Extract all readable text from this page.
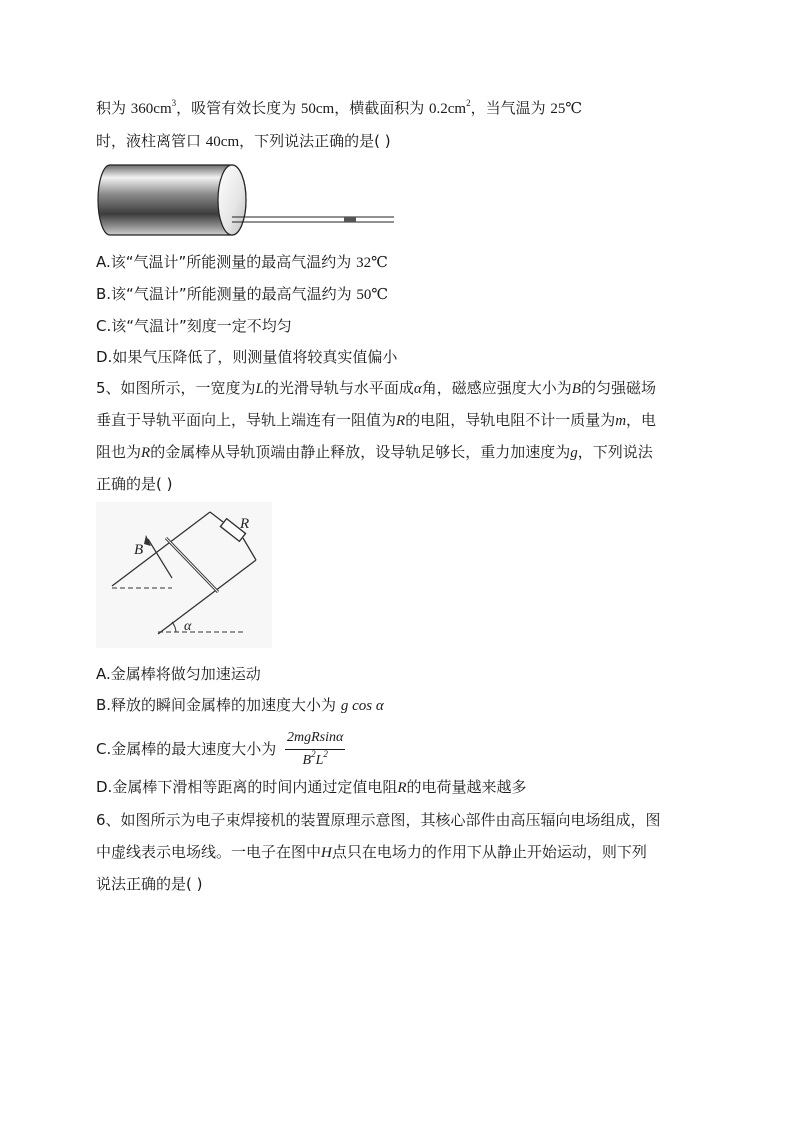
积为 $360cm^3$，吸管有效长度为 50cm，横截面积为 $0.2cm^2$，当气温为 25℃
时，液柱离管口 40cm，下列说法正确的是( )
A.该“气温计”所能测量的最高气温约为 32℃
B.该“气温计”所能测量的最高气温约为 50℃
C.该“气温计”刻度一定不均匀
D.如果气压降低了，则测量值将较真实值偏小
5、如图所示，一宽度为L的光滑导轨与水平面成α角，磁感应强度大小为B的匀强磁场
垂直于导轨平面向上，导轨上端连有一阻值为R的电阻，导轨电阻不计一质量为m，电
阻也为R的金属棒从导轨顶端由静止释放，设导轨足够长，重力加速度为g，下列说法
正确的是( )
R
B
α
A.金属棒将做匀加速运动
B.释放的瞬间金属棒的加速度大小为 g cos α
C.金属棒的最大速度大小为 $\frac{\text{2mgRsinα}}{B^2L^2}$
D.金属棒下滑相等距离的时间内通过定值电阻R的电荷量越来越多
6、如图所示为电子束焊接机的装置原理示意图，其核心部件由高压辐向电场组成，图
中虚线表示电场线。一电子在图中H点只在电场力的作用下从静止开始运动，则下列
说法正确的是( )
